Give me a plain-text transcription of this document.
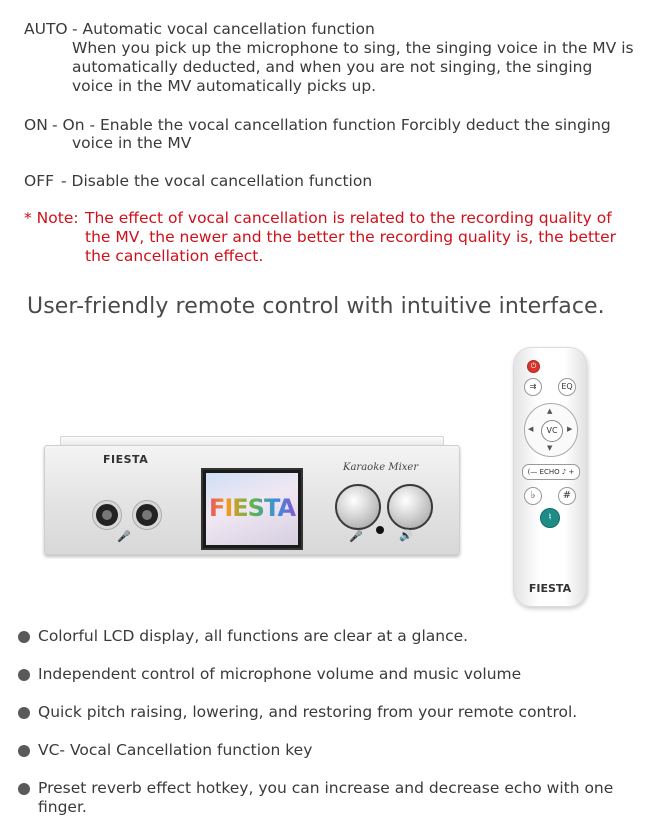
AUTO - Automatic vocal cancellation function
When you pick up the microphone to sing, the singing voice in the MV is automatically deducted, and when you are not singing, the singing voice in the MV automatically picks up.
ON - On - Enable the vocal cancellation function Forcibly deduct the singing
voice in the MV
OFF - Disable the vocal cancellation function
* Note: The effect of vocal cancellation is related to the recording quality of the MV, the newer and the better the recording quality is, the better the cancellation effect.
User-friendly remote control with intuitive interface.
FIESTA
🎤
FIESTA
Karaoke Mixer
🎤	🔊
⏻
⇉	EQ
▲
▼
◀	▶
VC
(— ECHO ♪ +
♭	#
♮
FIESTA
Colorful LCD display, all functions are clear at a glance.
Independent control of microphone volume and music volume
Quick pitch raising, lowering, and restoring from your remote control.
VC- Vocal Cancellation function key
Preset reverb effect hotkey, you can increase and decrease echo with one finger.
